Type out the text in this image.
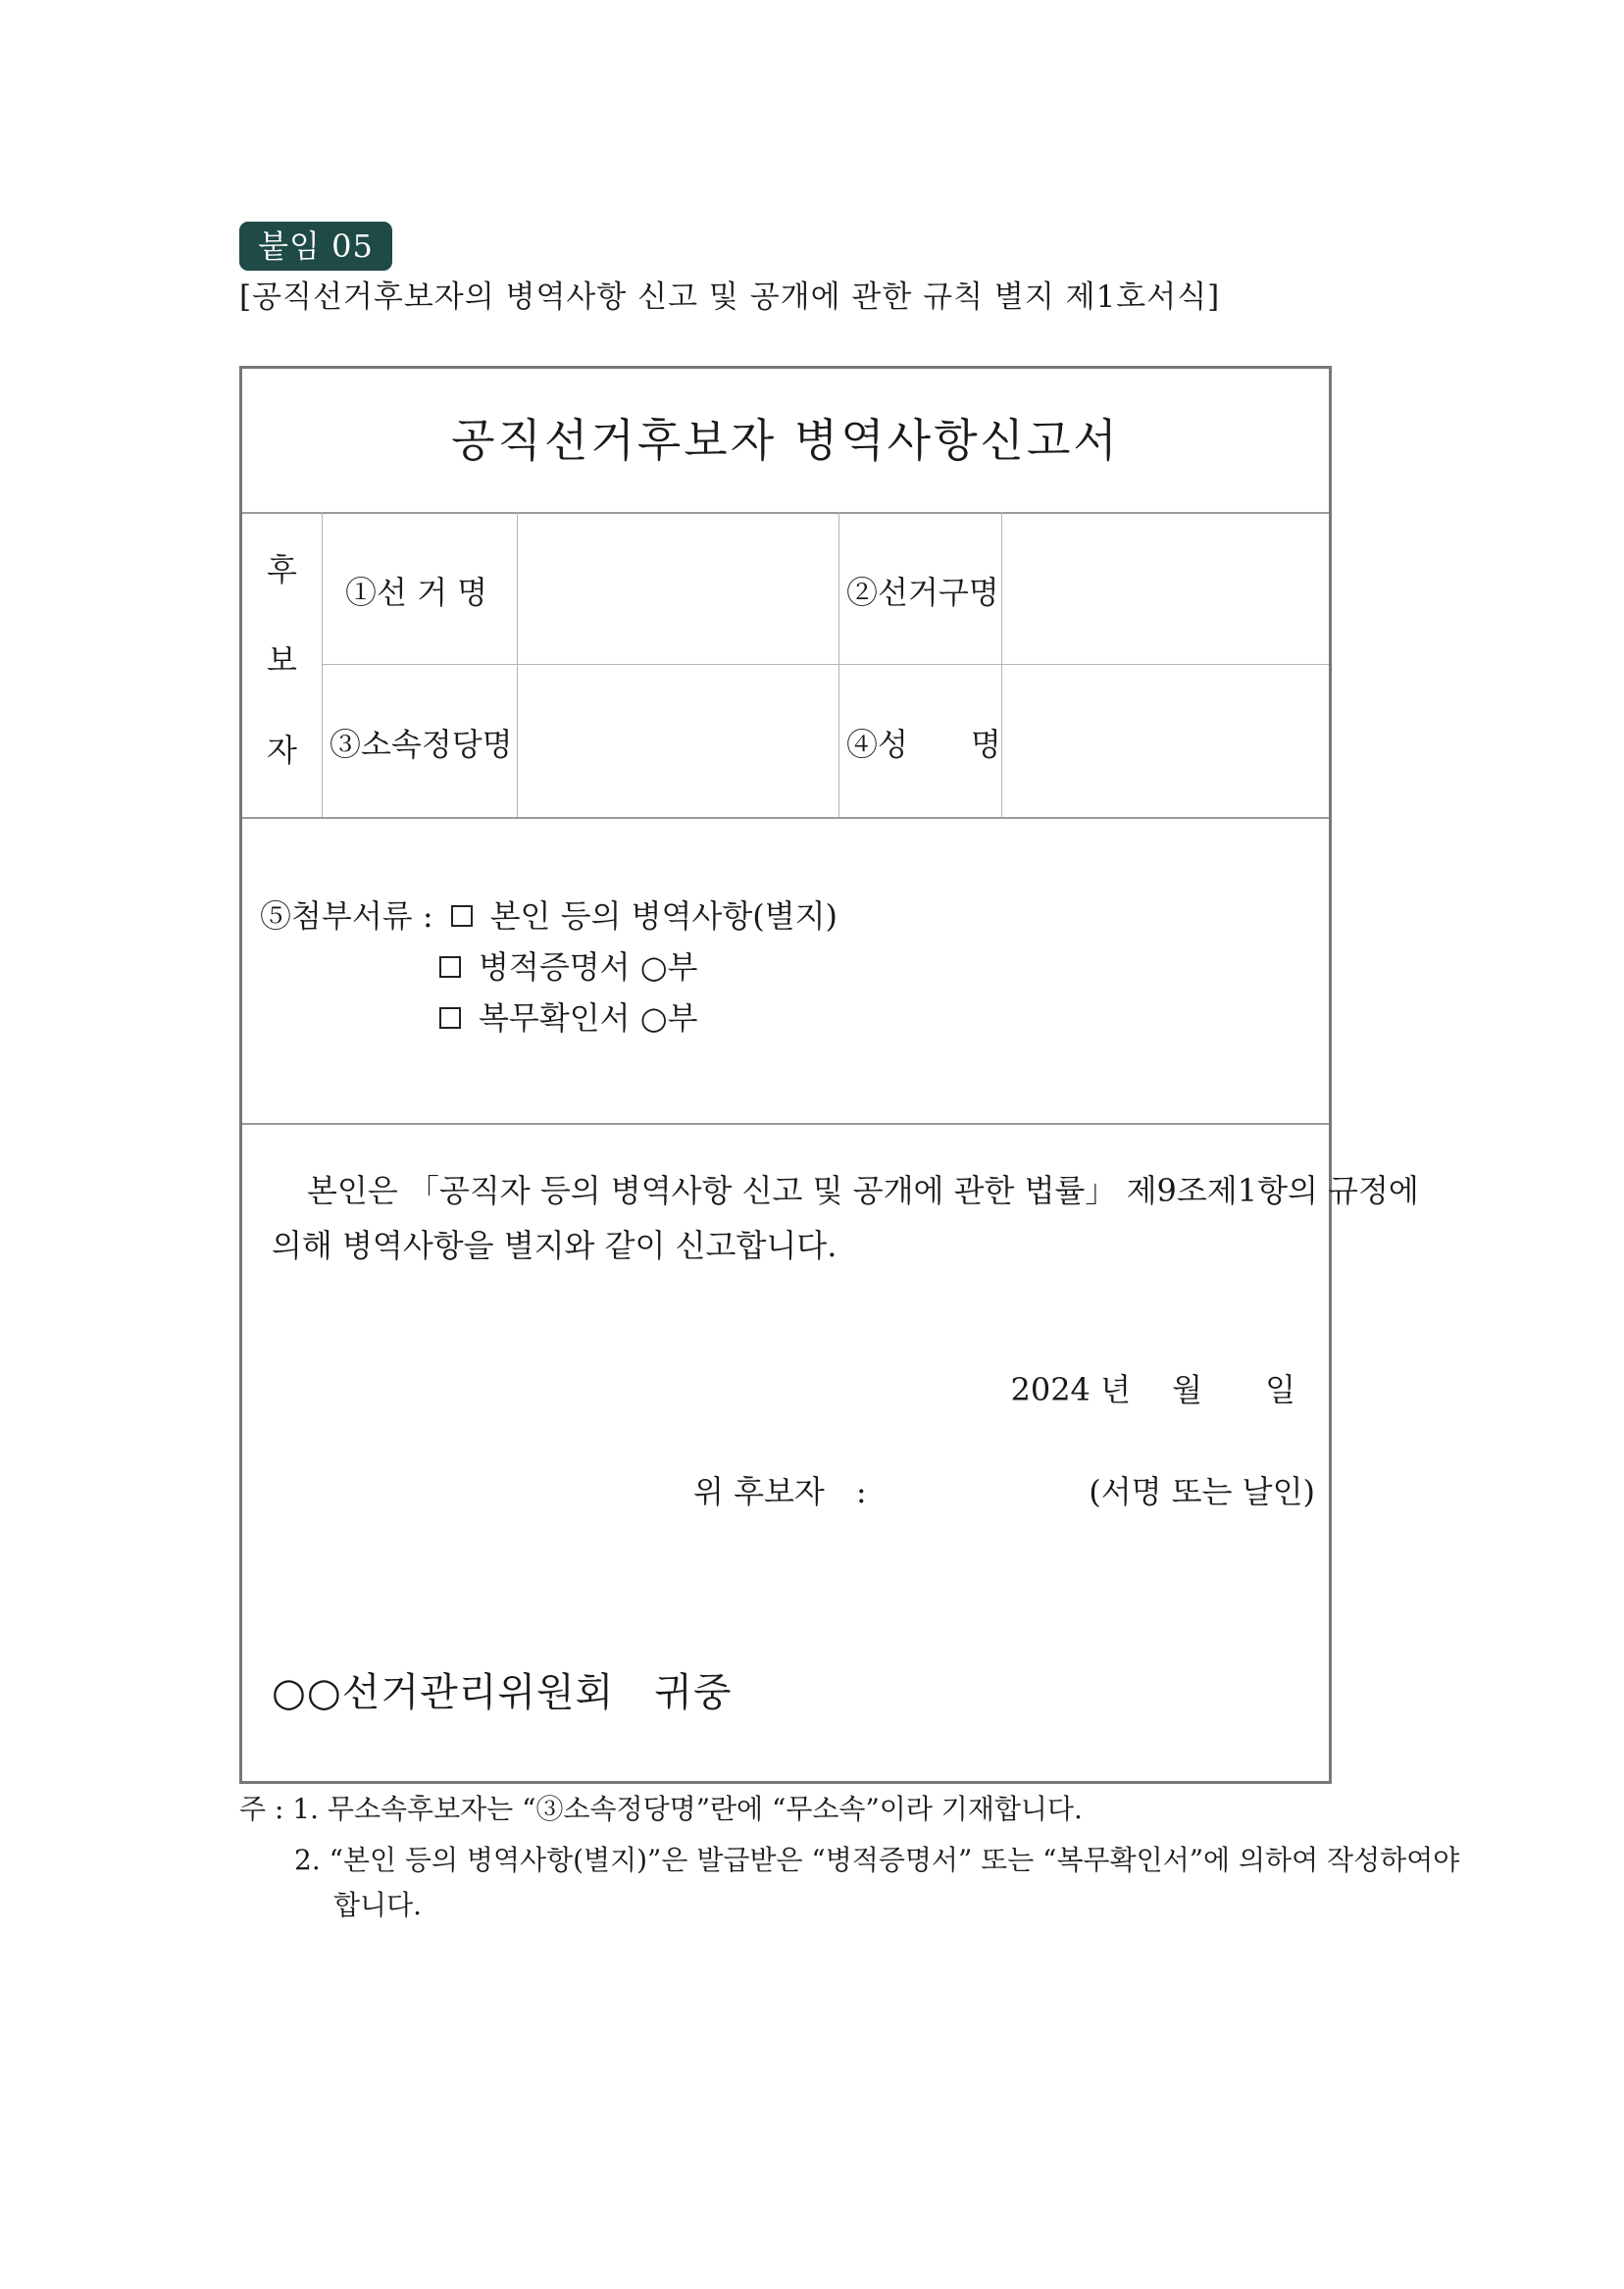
붙임 05
[공직선거후보자의 병역사항 신고 및 공개에 관한 규칙 별지 제1호서식]
공직선거후보자 병역사항신고서
후
보
자
①선 거 명	②선거구명
③소속정당명	④성　　명
⑤첨부서류 : 본인 등의 병역사항(별지)
병적증명서 ○부
복무확인서 ○부
본인은 「공직자 등의 병역사항 신고 및 공개에 관한 법률」 제9조제1항의 규정에
의해 병역사항을 별지와 같이 신고합니다.
2024 년　 월　　일
위 후보자　:	(서명 또는 날인)
○○선거관리위원회　귀중
주 : 1. 무소속후보자는 “③소속정당명”란에 “무소속”이라 기재합니다.
2. “본인 등의 병역사항(별지)”은 발급받은 “병적증명서” 또는 “복무확인서”에 의하여 작성하여야
합니다.
